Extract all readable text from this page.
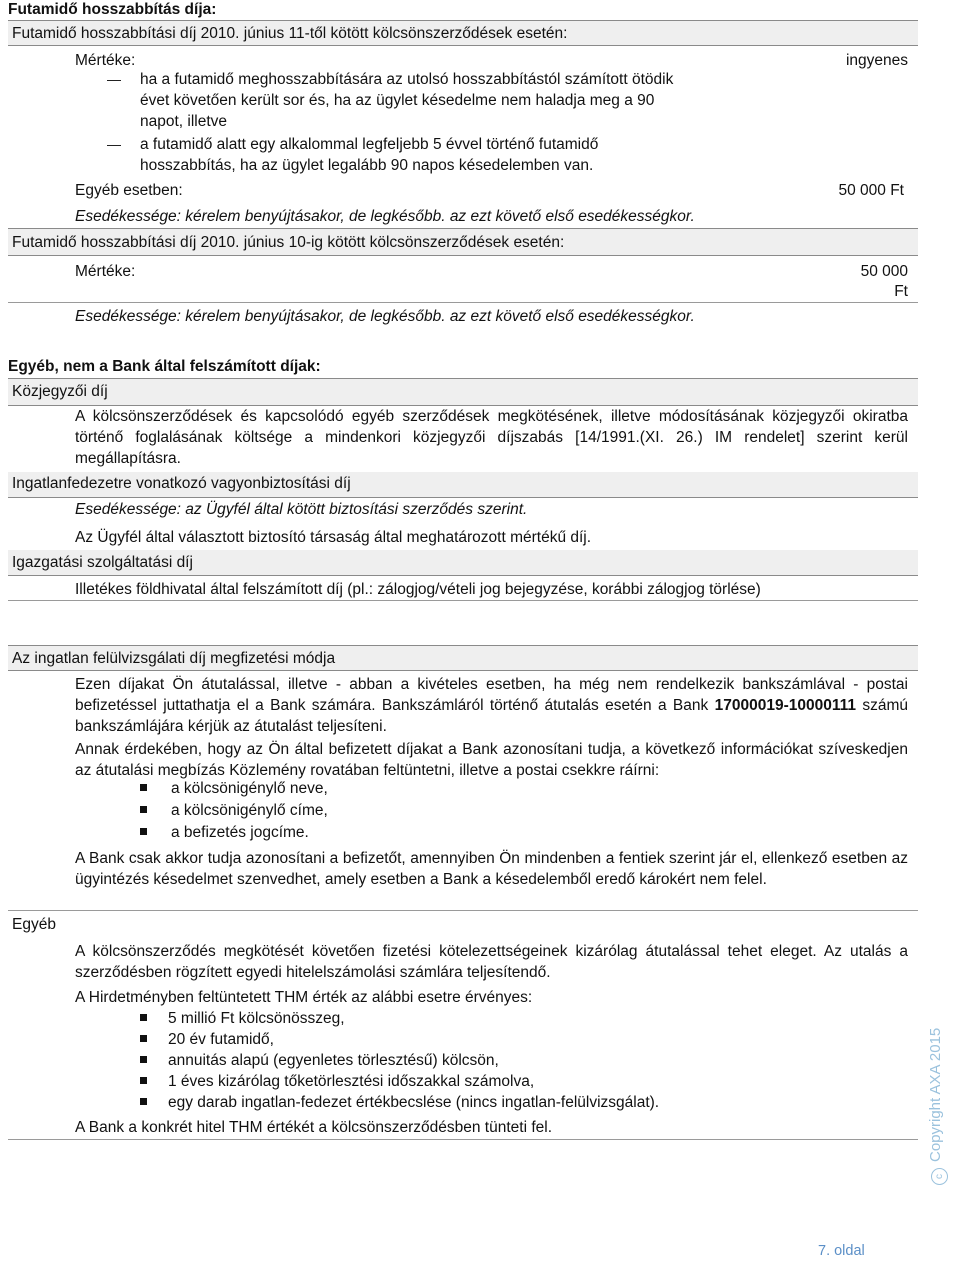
Futamidő hosszabbítás díja:
Futamidő hosszabbítási díj 2010. június 11-től kötött kölcsönszerződések esetén:
Mértéke:	ingyenes
ha a futamidő meghosszabbítására az utolsó hosszabbítástól számított ötödik
évet követően került sor és, ha az ügylet késedelme nem haladja meg a 90
napot, illetve
a futamidő alatt egy alkalommal legfeljebb 5 évvel történő futamidő
hosszabbítás, ha az ügylet legalább 90 napos késedelemben van.
Egyéb esetben:	50 000 Ft
Esedékessége: kérelem benyújtásakor, de legkésőbb. az ezt követő első esedékességkor.
Futamidő hosszabbítási díj 2010. június 10-ig kötött kölcsönszerződések esetén:
Mértéke:	50 000
Ft
Esedékessége: kérelem benyújtásakor, de legkésőbb. az ezt követő első esedékességkor.
Egyéb, nem a Bank által felszámított díjak:
Közjegyzői díj
A kölcsönszerződések és kapcsolódó egyéb szerződések megkötésének, illetve módosításának közjegyzői okiratba történő foglalásának költsége a mindenkori közjegyzői díjszabás [14/1991.(XI. 26.) IM rendelet] szerint kerül megállapításra.
Ingatlanfedezetre vonatkozó vagyonbiztosítási díj
Esedékessége: az Ügyfél által kötött biztosítási szerződés szerint.
Az Ügyfél által választott biztosító társaság által meghatározott mértékű díj.
Igazgatási szolgáltatási díj
Illetékes földhivatal által felszámított díj (pl.: zálogjog/vételi jog bejegyzése, korábbi zálogjog törlése)
Az ingatlan felülvizsgálati díj megfizetési módja
Ezen díjakat Ön átutalással, illetve - abban a kivételes esetben, ha még nem rendelkezik bankszámlával - postai befizetéssel juttathatja el a Bank számára. Bankszámláról történő átutalás esetén a Bank 17000019-10000111 számú bankszámlájára kérjük az átutalást teljesíteni.
Annak érdekében, hogy az Ön által befizetett díjakat a Bank azonosítani tudja, a következő információkat szíveskedjen az átutalási megbízás Közlemény rovatában feltüntetni, illetve a postai csekkre ráírni:
a kölcsönigénylő neve,
a kölcsönigénylő címe,
a befizetés jogcíme.
A Bank csak akkor tudja azonosítani a befizetőt, amennyiben Ön mindenben a fentiek szerint jár el, ellenkező esetben az ügyintézés késedelmet szenvedhet, amely esetben a Bank a késedelemből eredő károkért nem felel.
Egyéb
A kölcsönszerződés megkötését követően fizetési kötelezettségeinek kizárólag átutalással tehet eleget. Az utalás a szerződésben rögzített egyedi hitelelszámolási számlára teljesítendő.
A Hirdetményben feltüntetett THM érték az alábbi esetre érvényes:
5 millió Ft kölcsönösszeg,
20 év futamidő,
annuitás alapú (egyenletes törlesztésű) kölcsön,
1 éves kizárólag tőketörlesztési időszakkal számolva,
egy darab ingatlan-fedezet értékbecslése (nincs ingatlan-felülvizsgálat).
A Bank a konkrét hitel THM értékét a kölcsönszerződésben tünteti fel.
cCopyright AXA 2015
7. oldal
